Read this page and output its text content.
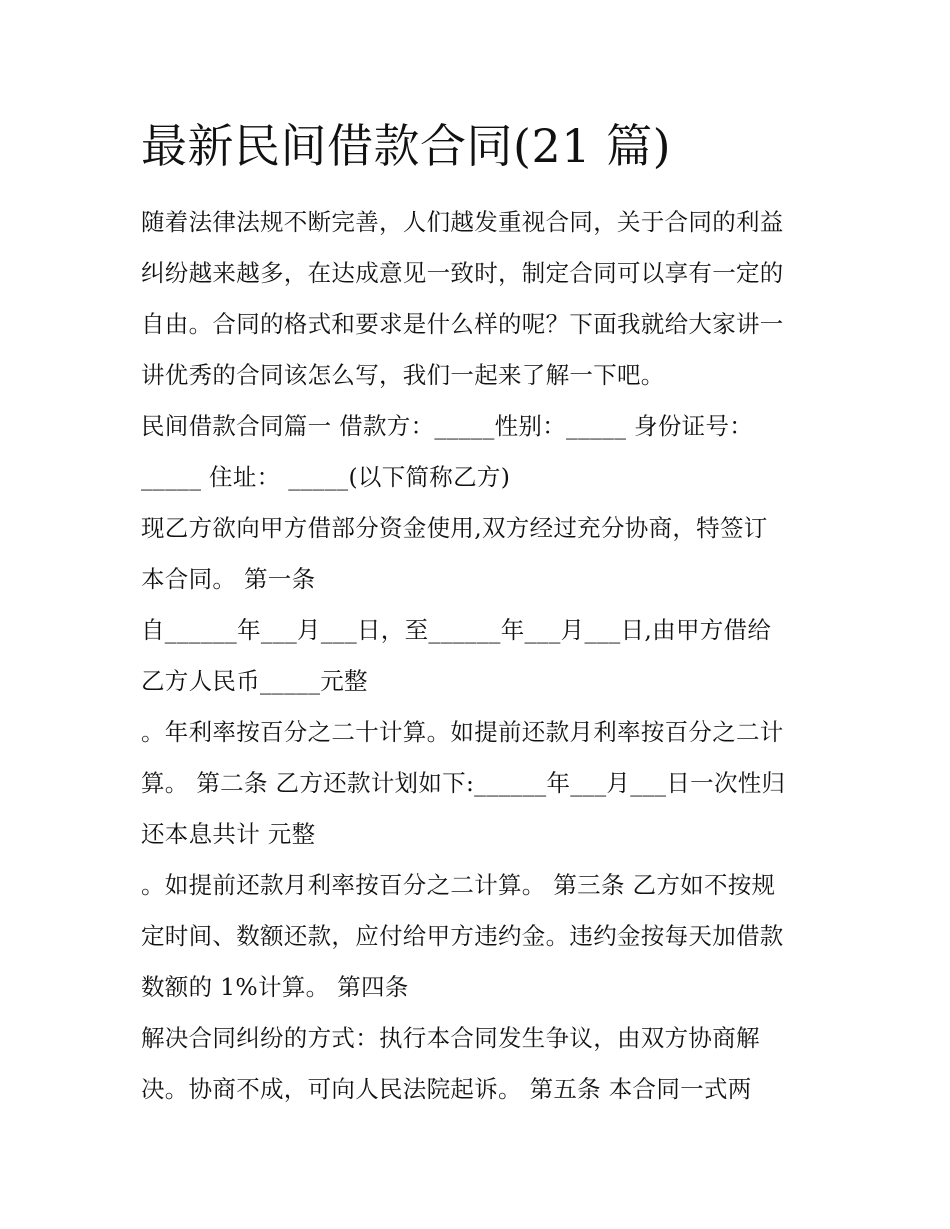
最新民间借款合同(21 篇)
随着法律法规不断完善，人们越发重视合同，关于合同的利益
纠纷越来越多，在达成意见一致时，制定合同可以享有一定的
自由。合同的格式和要求是什么样的呢？下面我就给大家讲一
讲优秀的合同该怎么写，我们一起来了解一下吧。
民间借款合同篇一 借款方：_____性别：_____ 身份证号：
_____ 住址： _____(以下简称乙方)
现乙方欲向甲方借部分资金使用,双方经过充分协商，特签订
本合同。 第一条
自______年___月___日，至______年___月___日,由甲方借给
乙方人民币_____元整
。年利率按百分之二十计算。如提前还款月利率按百分之二计
算。 第二条 乙方还款计划如下:______年___月___日一次性归
还本息共计 元整
。如提前还款月利率按百分之二计算。 第三条 乙方如不按规
定时间、数额还款，应付给甲方违约金。违约金按每天加借款
数额的 1%计算。 第四条
解决合同纠纷的方式：执行本合同发生争议，由双方协商解
决。协商不成，可向人民法院起诉。 第五条 本合同一式两
